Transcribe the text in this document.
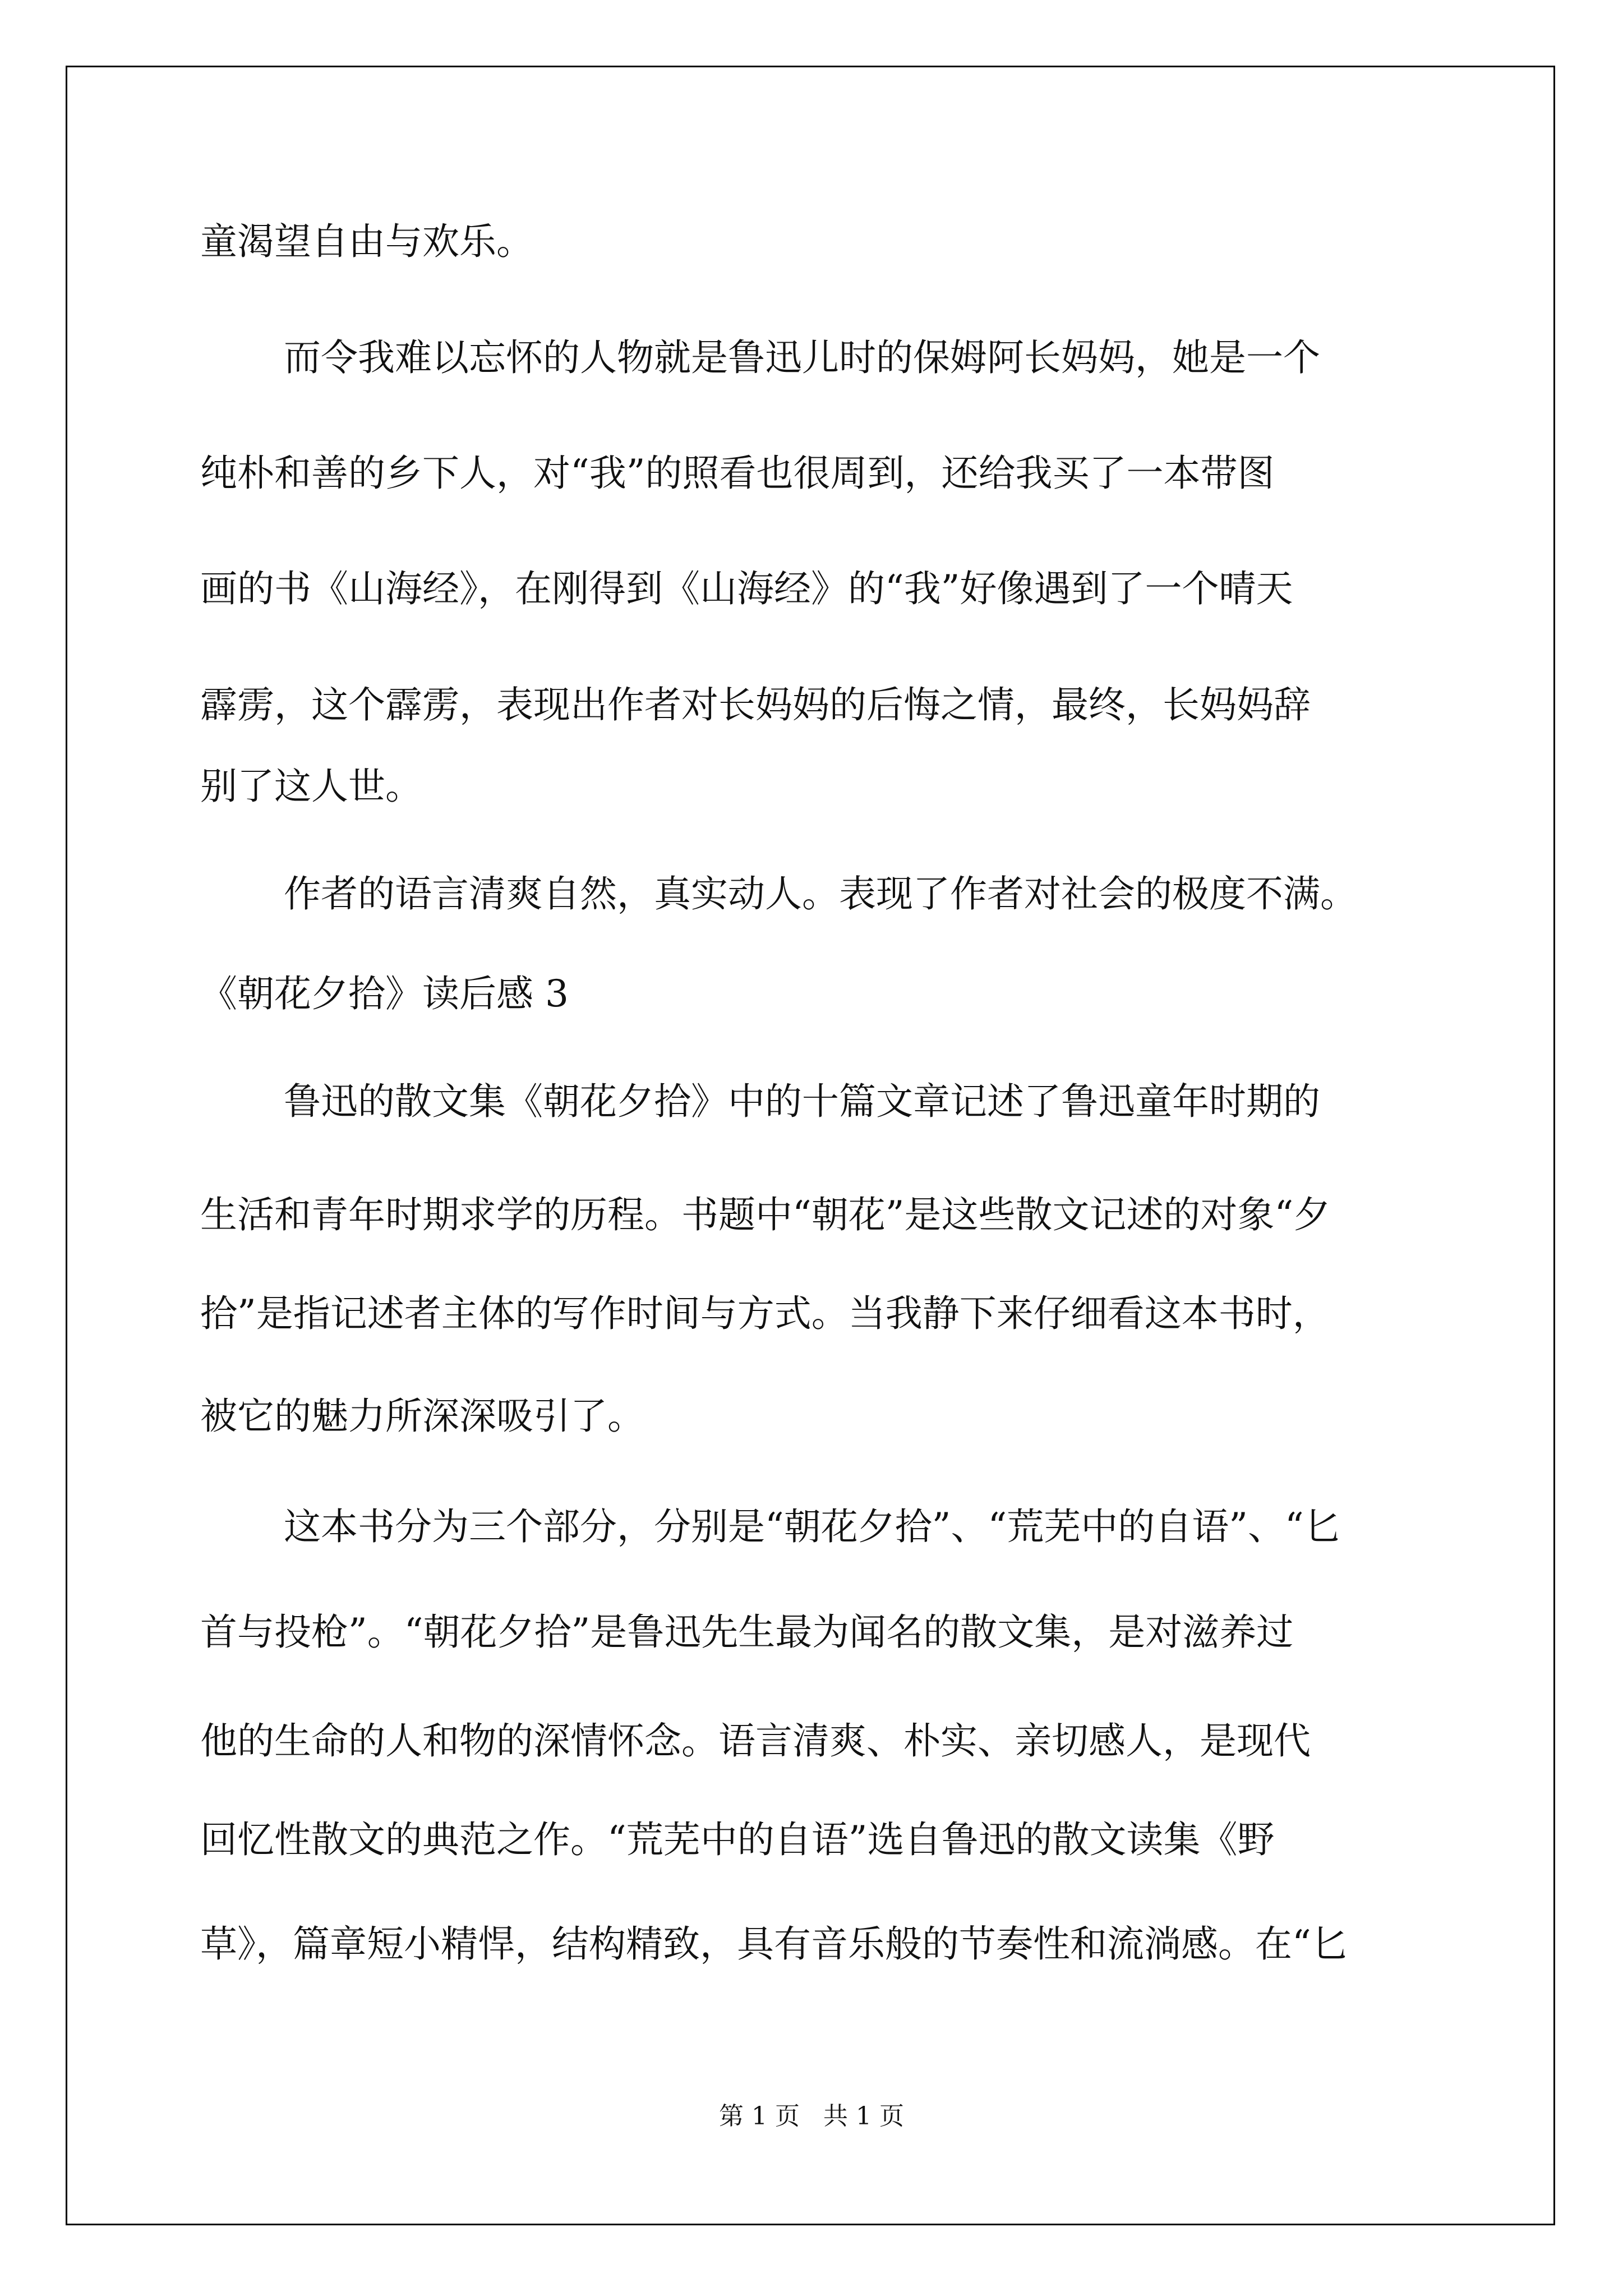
童渴望自由与欢乐。
而令我难以忘怀的人物就是鲁迅儿时的保姆阿长妈妈，她是一个
纯朴和善的乡下人，对“我”的照看也很周到，还给我买了一本带图
画的书《山海经》，在刚得到《山海经》的“我”好像遇到了一个晴天
霹雳，这个霹雳，表现出作者对长妈妈的后悔之情，最终，长妈妈辞
别了这人世。
作者的语言清爽自然，真实动人。表现了作者对社会的极度不满。
《朝花夕拾》读后感 3
鲁迅的散文集《朝花夕拾》中的十篇文章记述了鲁迅童年时期的
生活和青年时期求学的历程。书题中“朝花”是这些散文记述的对象“夕
拾”是指记述者主体的写作时间与方式。当我静下来仔细看这本书时，
被它的魅力所深深吸引了。
这本书分为三个部分，分别是“朝花夕拾”、“荒芜中的自语”、“匕
首与投枪”。“朝花夕拾”是鲁迅先生最为闻名的散文集，是对滋养过
他的生命的人和物的深情怀念。语言清爽、朴实、亲切感人，是现代
回忆性散文的典范之作。“荒芜中的自语”选自鲁迅的散文读集《野
草》，篇章短小精悍，结构精致，具有音乐般的节奏性和流淌感。在“匕
第 1 页   共 1 页
